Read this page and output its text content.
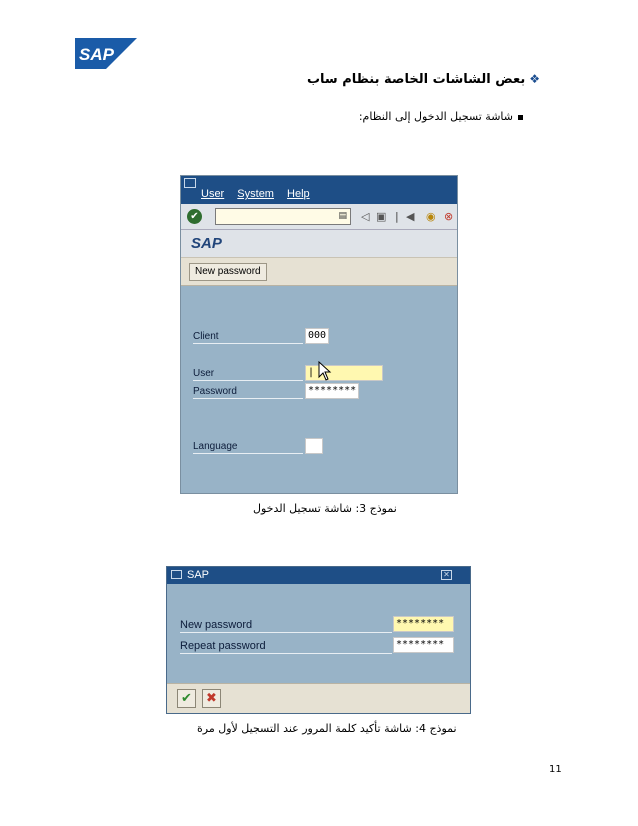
SAP
❖بعض الشاشات الخاصة بنظام ساب
شاشة تسجيل الدخول إلى النظام:
User System Help
✔	▤ ◁ ▣ | ◀ ◉ ⊗
SAP
New password
Client	000
User	|
Password	********
Language
نموذج 3: شاشة تسجيل الدخول
SAP	✕
New password	********
Repeat password	********
✔	✖
نموذج 4: شاشة تأكيد كلمة المرور عند التسجيل لأول مرة
11
